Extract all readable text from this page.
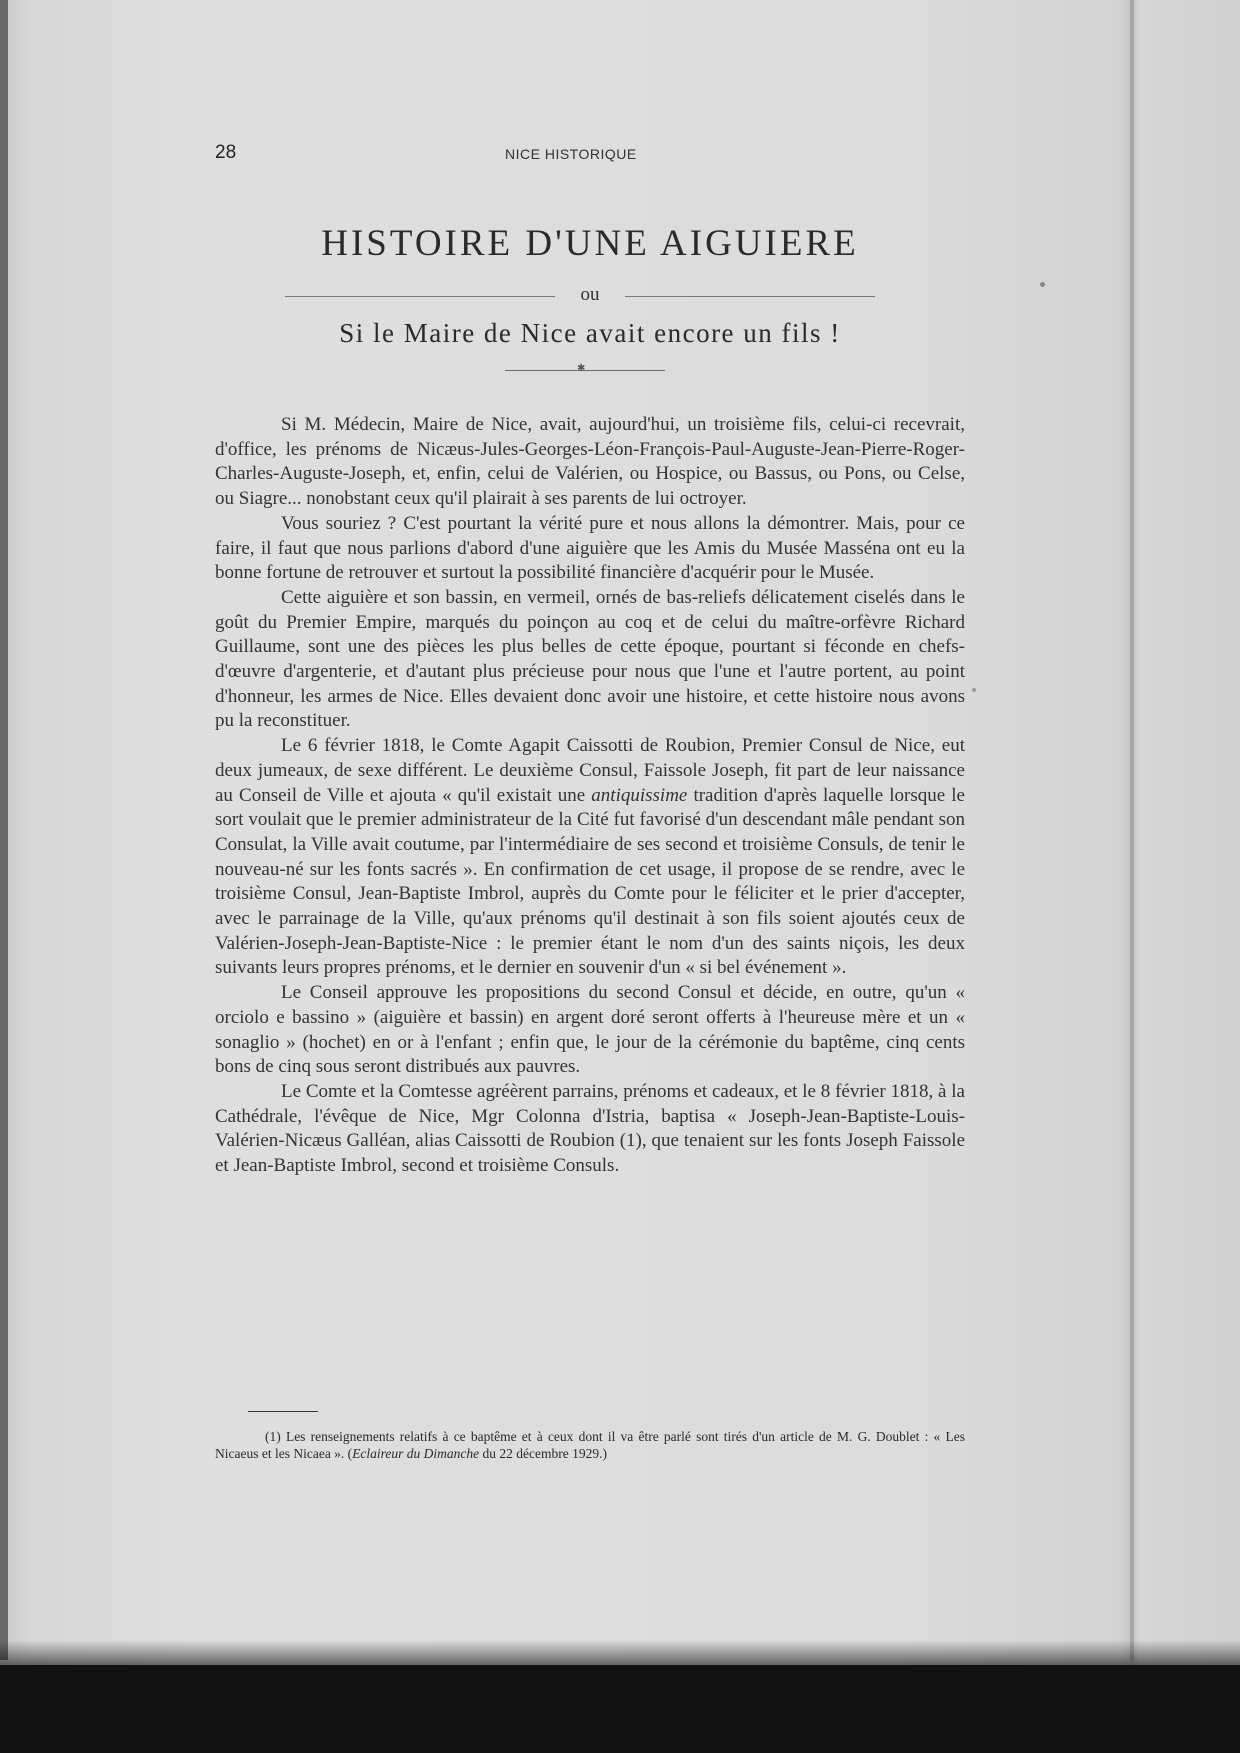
28	NICE HISTORIQUE
HISTOIRE D'UNE AIGUIERE
ou
Si le Maire de Nice avait encore un fils !
✱

Si M. Médecin, Maire de Nice, avait, aujourd'hui, un troisième fils, celui-ci recevrait, d'office, les prénoms de Nicæus-Jules-Georges-Léon-François-Paul-Auguste-Jean-Pierre-Roger-Charles-Auguste-Joseph, et, enfin, celui de Valérien, ou Hospice, ou Bassus, ou Pons, ou Celse, ou Siagre... nonobstant ceux qu'il plairait à ses parents de lui octroyer.

Vous souriez ? C'est pourtant la vérité pure et nous allons la démontrer. Mais, pour ce faire, il faut que nous parlions d'abord d'une aiguière que les Amis du Musée Masséna ont eu la bonne fortune de retrouver et surtout la possibilité financière d'acquérir pour le Musée.

Cette aiguière et son bassin, en vermeil, ornés de bas-reliefs délicatement ciselés dans le goût du Premier Empire, marqués du poinçon au coq et de celui du maître-orfèvre Richard Guillaume, sont une des pièces les plus belles de cette époque, pourtant si féconde en chefs-d'œuvre d'argenterie, et d'autant plus précieuse pour nous que l'une et l'autre portent, au point d'honneur, les armes de Nice. Elles devaient donc avoir une histoire, et cette histoire nous avons pu la reconstituer.

Le 6 février 1818, le Comte Agapit Caissotti de Roubion, Premier Consul de Nice, eut deux jumeaux, de sexe différent. Le deuxième Consul, Faissole Joseph, fit part de leur naissance au Conseil de Ville et ajouta « qu'il existait une antiquissime tradition d'après laquelle lorsque le sort voulait que le premier administrateur de la Cité fut favorisé d'un descendant mâle pendant son Consulat, la Ville avait coutume, par l'intermédiaire de ses second et troisième Consuls, de tenir le nouveau-né sur les fonts sacrés ». En confirmation de cet usage, il propose de se rendre, avec le troisième Consul, Jean-Baptiste Imbrol, auprès du Comte pour le féliciter et le prier d'accepter, avec le parrainage de la Ville, qu'aux prénoms qu'il destinait à son fils soient ajoutés ceux de Valérien-Joseph-Jean-Baptiste-Nice : le premier étant le nom d'un des saints niçois, les deux suivants leurs propres prénoms, et le dernier en souvenir d'un « si bel événement ».

Le Conseil approuve les propositions du second Consul et décide, en outre, qu'un « orciolo e bassino » (aiguière et bassin) en argent doré seront offerts à l'heureuse mère et un « sonaglio » (hochet) en or à l'enfant ; enfin que, le jour de la cérémonie du baptême, cinq cents bons de cinq sous seront distribués aux pauvres.

Le Comte et la Comtesse agréèrent parrains, prénoms et cadeaux, et le 8 février 1818, à la Cathédrale, l'évêque de Nice, Mgr Colonna d'Istria, baptisa « Joseph-Jean-Baptiste-Louis-Valérien-Nicæus Galléan, alias Caissotti de Roubion (1), que tenaient sur les fonts Joseph Faissole et Jean-Baptiste Imbrol, second et troisième Consuls.

(1) Les renseignements relatifs à ce baptême et à ceux dont il va être parlé sont tirés d'un article de M. G. Doublet : « Les Nicaeus et les Nicaea ». (Eclaireur du Dimanche du 22 décembre 1929.)
